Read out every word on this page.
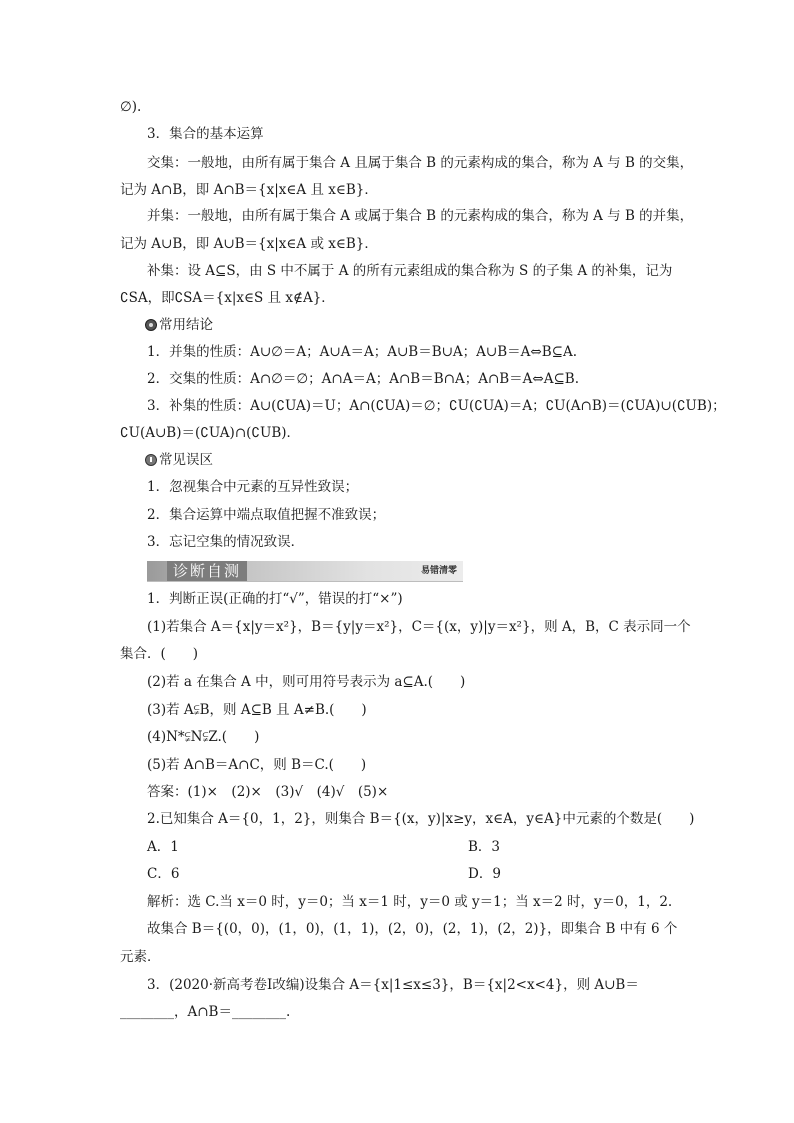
∅).
3．集合的基本运算
交集：一般地，由所有属于集合 A 且属于集合 B 的元素构成的集合，称为 A 与 B 的交集，
记为 A∩B，即 A∩B＝{x|x∈A 且 x∈B}．
并集：一般地，由所有属于集合 A 或属于集合 B 的元素构成的集合，称为 A 与 B 的并集，
记为 A∪B，即 A∪B＝{x|x∈A 或 x∈B}．
补集：设 A⊆S，由 S 中不属于 A 的所有元素组成的集合称为 S 的子集 A 的补集，记为
∁SA，即∁SA＝{x|x∈S 且 x∉A}．
常用结论
1．并集的性质：A∪∅＝A；A∪A＝A；A∪B＝B∪A；A∪B＝A⇔B⊆A.
2．交集的性质：A∩∅＝∅；A∩A＝A；A∩B＝B∩A；A∩B＝A⇔A⊆B.
3．补集的性质：A∪(∁UA)＝U；A∩(∁UA)＝∅；∁U(∁UA)＝A；∁U(A∩B)＝(∁UA)∪(∁UB)；
∁U(A∪B)＝(∁UA)∩(∁UB)．
常见误区
1．忽视集合中元素的互异性致误；
2．集合运算中端点取值把握不准致误；
3．忘记空集的情况致误．
诊断自测	易错清零
1．判断正误(正确的打“√”，错误的打“×”)
(1)若集合 A＝{x|y＝x²}，B＝{y|y＝x²}，C＝{(x，y)|y＝x²}，则 A，B，C 表示同一个
集合．(　　)
(2)若 a 在集合 A 中，则可用符号表示为 a⊆A.(　　)
(3)若 A⫋B，则 A⊆B 且 A≠B.(　　)
(4)N*⫋N⫋Z.(　　)
(5)若 A∩B＝A∩C，则 B＝C.(　　)
答案：(1)×　(2)×　(3)√　(4)√　(5)×
2.已知集合 A＝{0，1，2}，则集合 B＝{(x，y)|x≥y，x∈A，y∈A}中元素的个数是(　　)
A．1	B．3
C．6	D．9
解析：选 C.当 x＝0 时，y＝0；当 x＝1 时，y＝0 或 y＝1；当 x＝2 时，y＝0，1，2.
故集合 B＝{(0，0)，(1，0)，(1，1)，(2，0)，(2，1)，(2，2)}，即集合 B 中有 6 个
元素．
3．(2020·新高考卷Ⅰ改编)设集合 A＝{x|1≤x≤3}，B＝{x|2<x<4}，则 A∪B＝
________，A∩B＝________.
